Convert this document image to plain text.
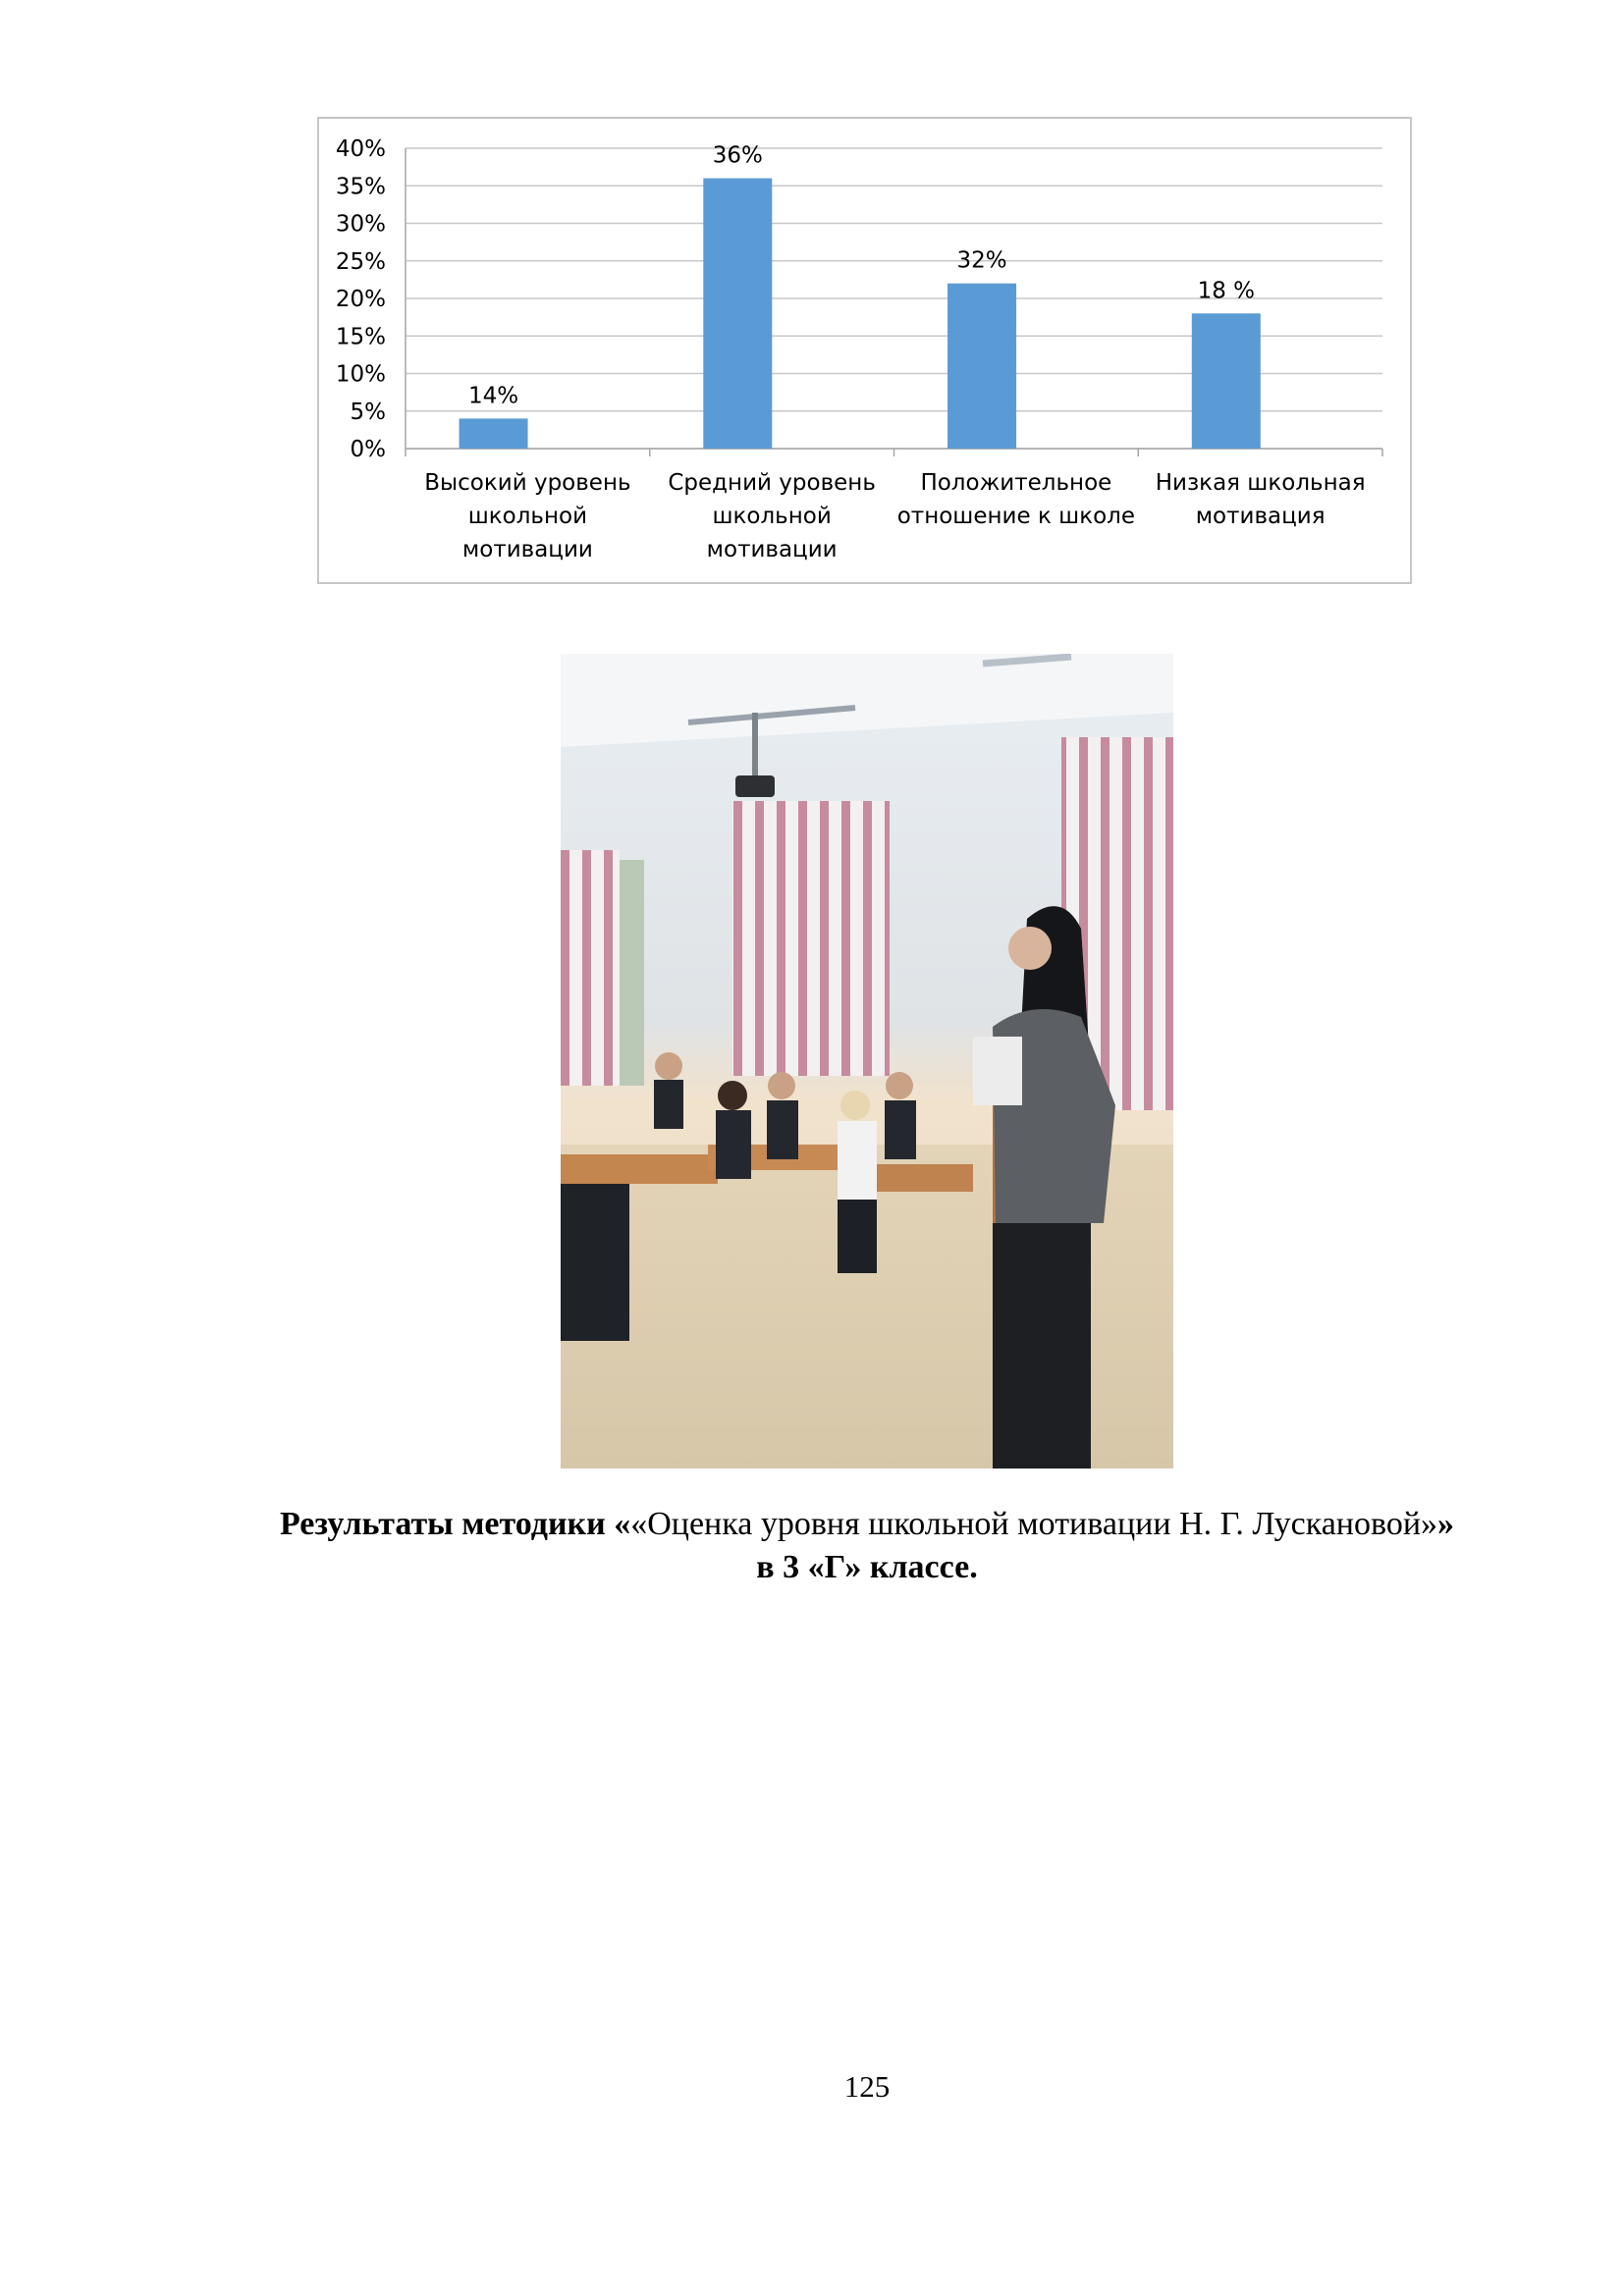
0%
5%
10%
15%
20%
25%
30%
35%
40%
14%
Высокий уровень
школьной
мотивации
36%
Средний уровень
школьной
мотивации
32%
Положительное
отношение к школе
18 %
Низкая школьная
мотивация
Результаты методики ««Оценка уровня школьной мотивации Н. Г. Лускановой»»
в 3 «Г» классе.
125
